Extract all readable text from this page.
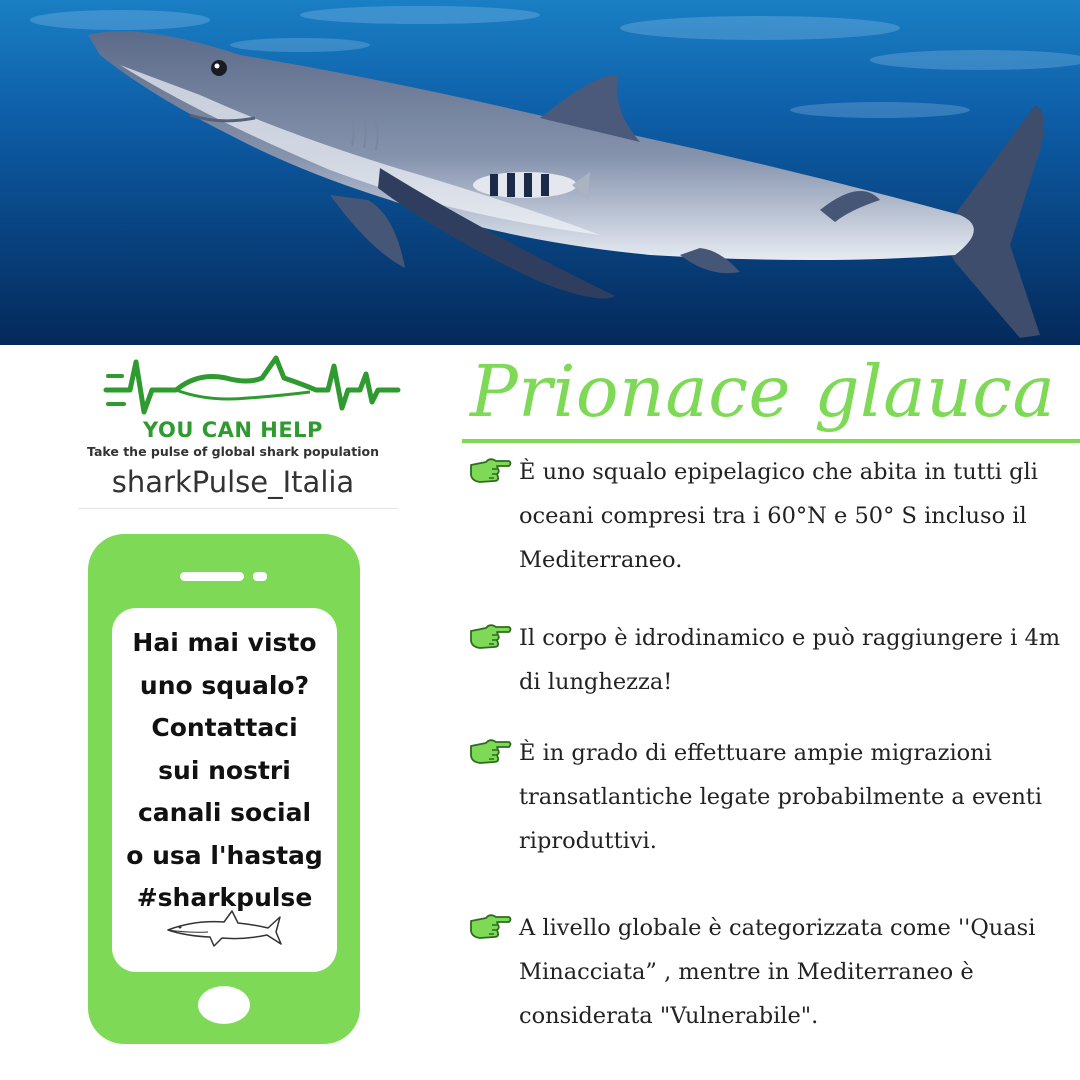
YOU CAN HELP
Take the pulse of global shark population
sharkPulse_Italia
Hai mai visto
uno squalo?
Contattaci
sui nostri
canali social
o usa l'hastag
#sharkpulse
Prionace glauca
È uno squalo epipelagico che abita in tutti gli oceani compresi tra i 60°N e 50° S incluso il Mediterraneo.
Il corpo è idrodinamico e può raggiungere i 4m di lunghezza!
È in grado di effettuare ampie migrazioni transatlantiche legate probabilmente a eventi riproduttivi.
A livello globale è categorizzata come ''Quasi Minacciata” , mentre in Mediterraneo è considerata "Vulnerabile".
